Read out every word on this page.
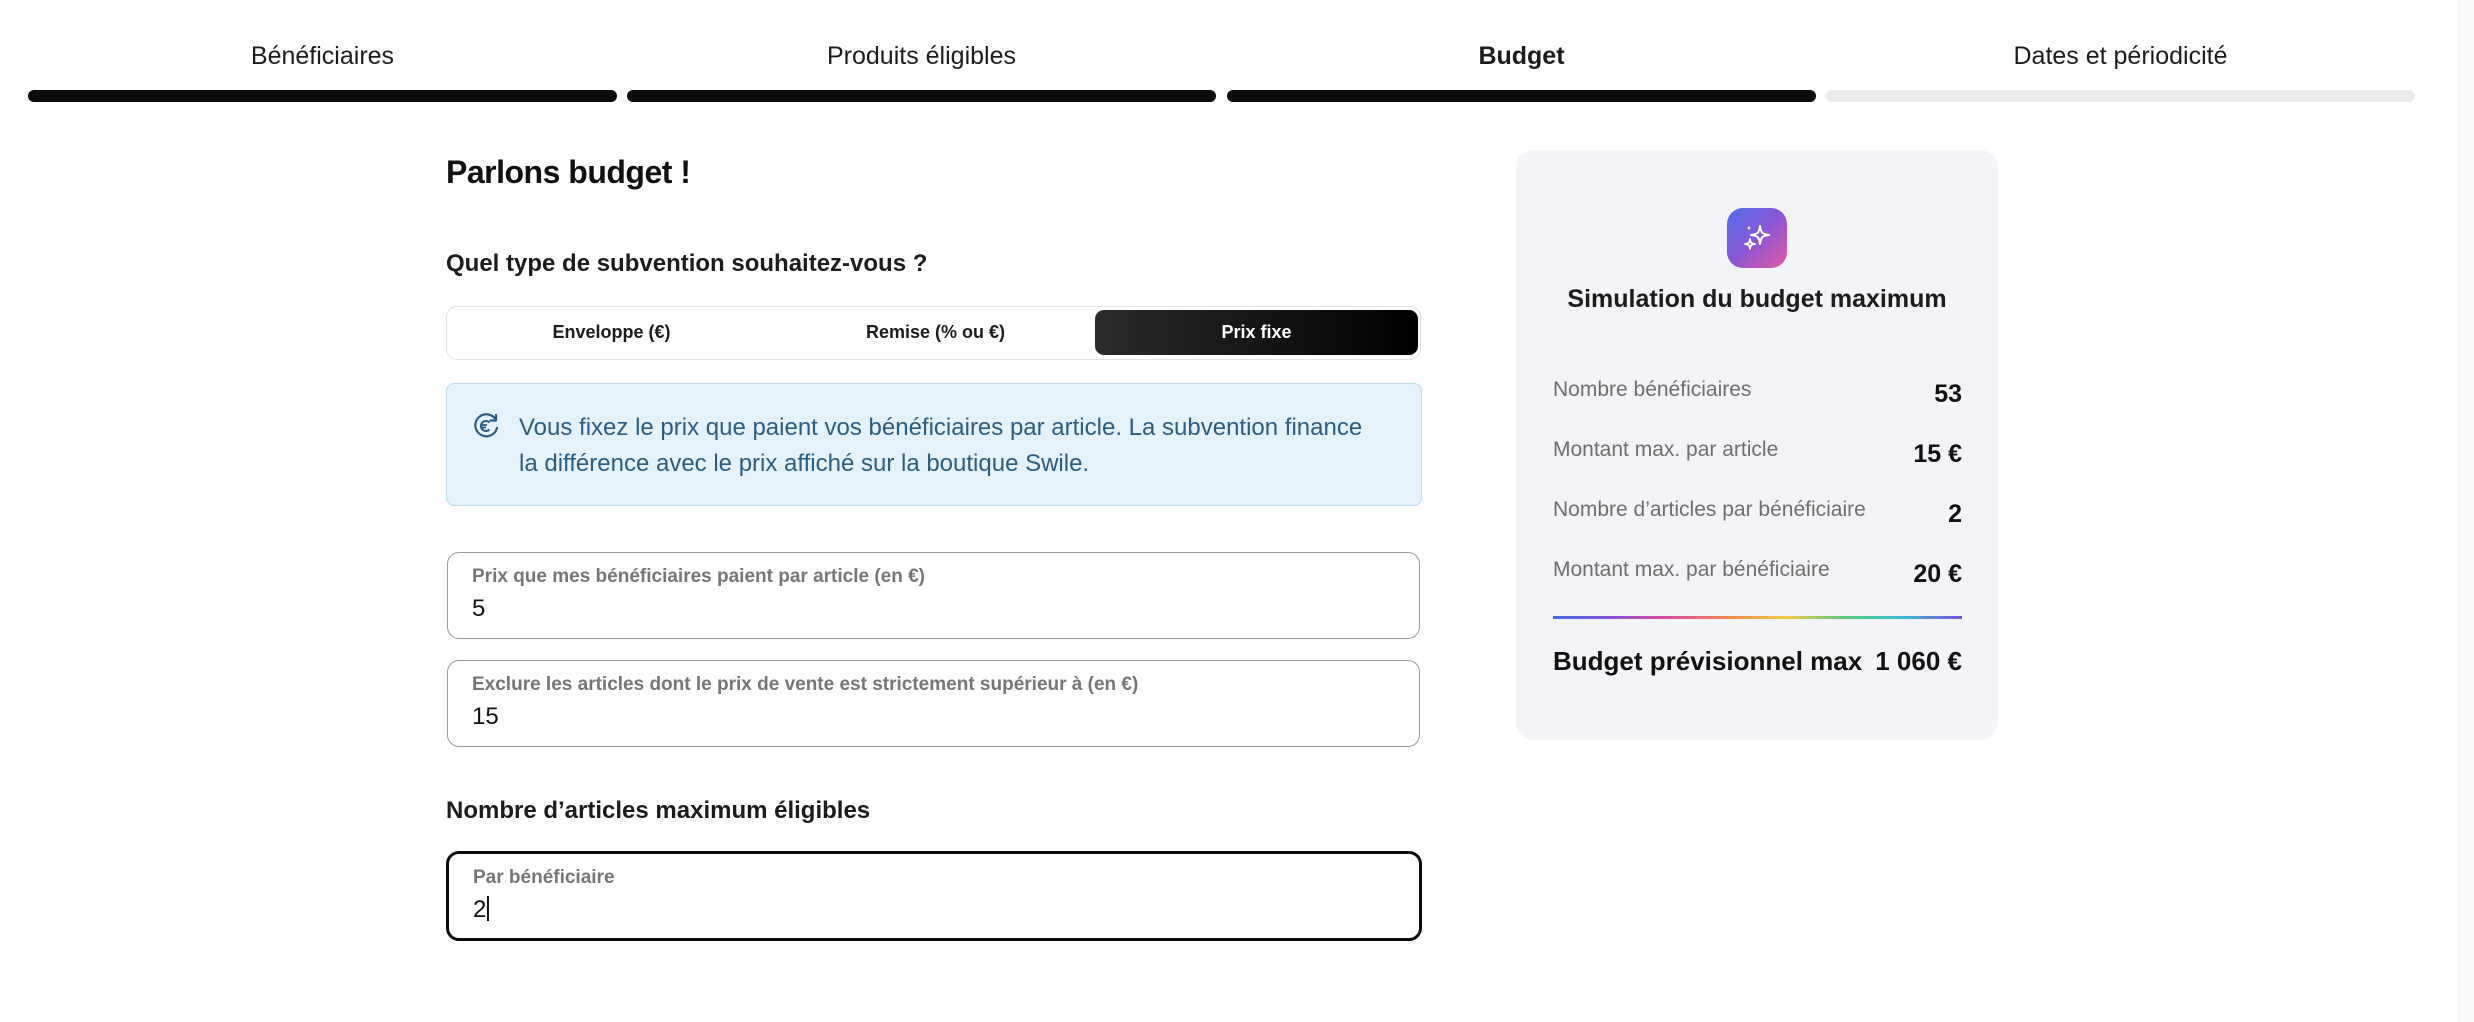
Bénéficiaires	Produits éligibles	Budget	Dates et périodicité
Parlons budget !
Quel type de subvention souhaitez-vous ?
Enveloppe (€)	Remise (% ou €)	Prix fixe
Vous fixez le prix que paient vos bénéficiaires par article. La subvention finance la différence avec le prix affiché sur la boutique Swile.
Prix que mes bénéficiaires paient par article (en €)
5
Exclure les articles dont le prix de vente est strictement supérieur à (en €)
15
Nombre d’articles maximum éligibles
Par bénéficiaire
2
Simulation du budget maximum
Nombre bénéficiaires	53
Montant max. par article	15 €
Nombre d’articles par bénéficiaire	2
Montant max. par bénéficiaire	20 €
Budget prévisionnel max 1 060 €
